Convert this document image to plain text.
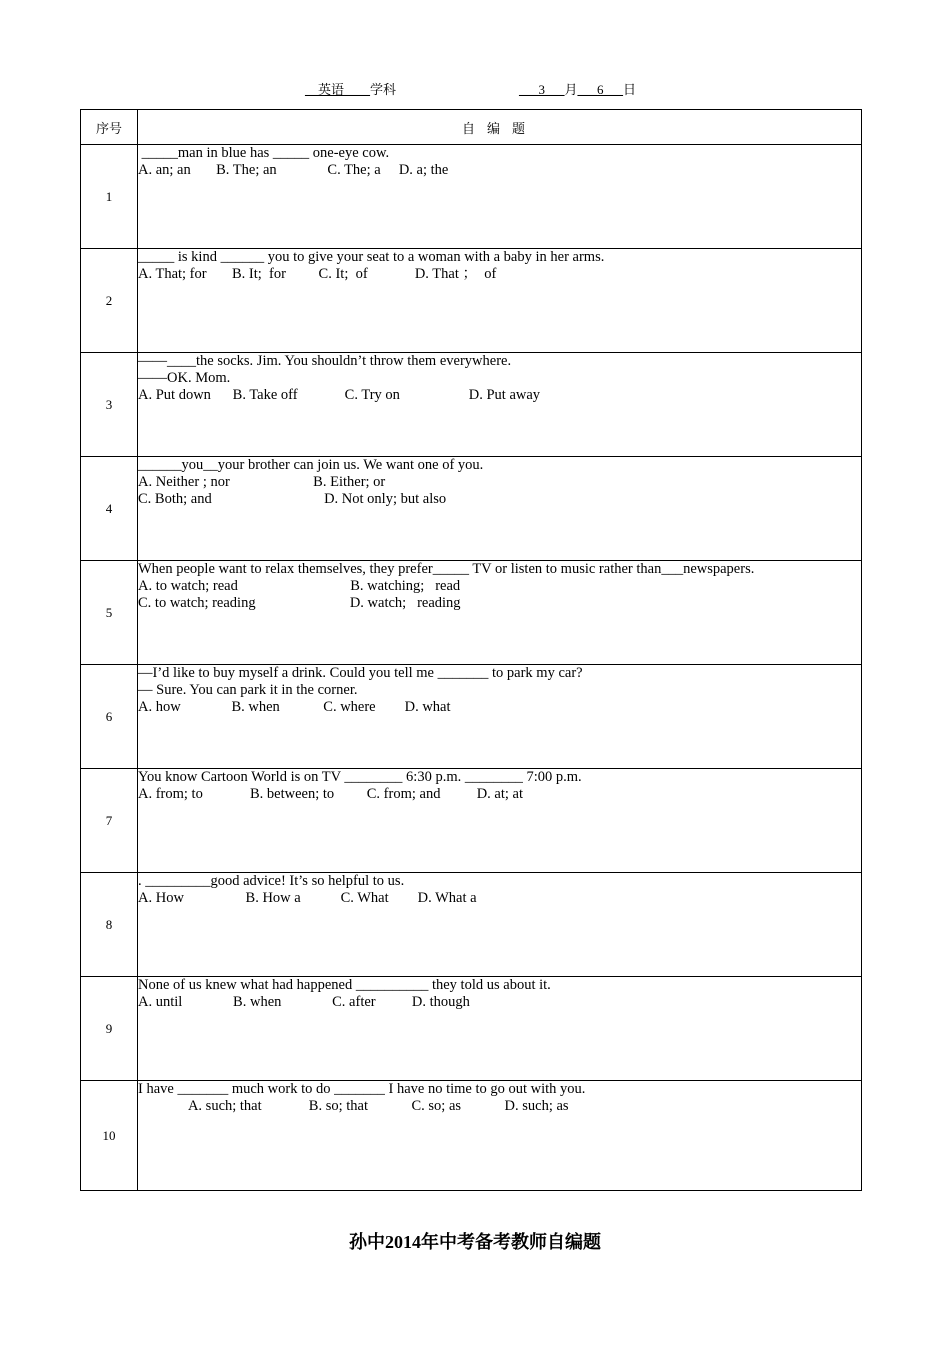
__英语____学科	___3___月___6___日
序号	自编题
1	_____man in blue has _____ one-eye cow.
A. an; an       B. The; an              C. The; a     D. a; the

2	_____ is kind ______ you to give your seat to a woman with a baby in her arms.
A. That; for       B. It;  for         C. It;  of             D. That ；  of

3	——____the socks. Jim. You shouldn’t throw them everywhere.
——OK. Mom.
A. Put down      B. Take off             C. Try on                   D. Put away

4	______you__your brother can join us. We want one of you.
A. Neither ; nor                       B. Either; or
C. Both; and                               D. Not only; but also

5	When people want to relax themselves, they prefer_____ TV or listen to music rather than___newspapers.
A. to watch; read                               B. watching;   read
C. to watch; reading                          D. watch;   reading

6	—I’d like to buy myself a drink. Could you tell me _______ to park my car?
— Sure. You can park it in the corner.
A. how              B. when            C. where        D. what

7	You know Cartoon World is on TV ________ 6:30 p.m. ________ 7:00 p.m.
A. from; to             B. between; to         C. from; and          D. at; at

8	. _________good advice! It’s so helpful to us.
A. How                 B. How a           C. What        D. What a

9	None of us knew what had happened __________ they told us about it.
A. until              B. when              C. after          D. though

10	I have _______ much work to do _______ I have no time to go out with you.
A. such; that             B. so; that            C. so; as            D. such; as
孙中2014年中考备考教师自编题
